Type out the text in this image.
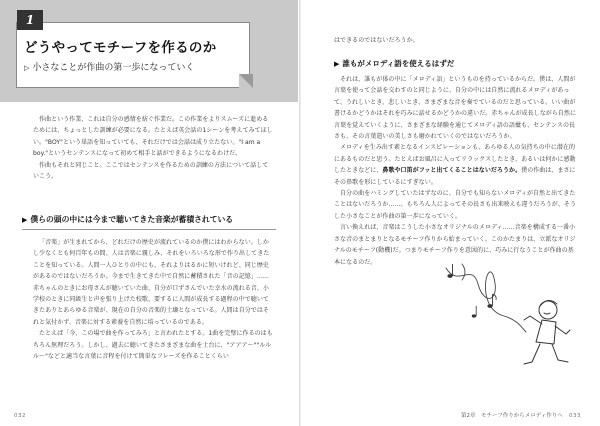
1
どうやってモチーフを作るのか
▷ 小さなことが作曲の第一歩になっていく

作曲という作業、これは自分の感情を紡ぐ作業だ。この作業をよりスムーズに進めるためには、ちょっとした訓練が必要になる。たとえば英会話の1シーンを考えてみてほしい。"BOY"という単語を知っていても、それだけでは会話は成り立たない。"I am a boy."というセンテンスになって初めて相手と話ができるようになるわけだ。

作曲もそれと同じこと。ここではセンテンスを作るための訓練の方法について話していこう。

▶ 僕らの頭の中には今まで聴いてきた音楽が蓄積されている

「音楽」が生まれてから、どれだけの歴史が流れているのか僕にはわからない。しかし少なくとも何百年もの間、人は音楽に親しみ、それをいろいろな形で作り出してきたことを知っている。人間一人ひとりの中にも、それよりはるかに短いけれど、同じ歴史があるのではないだろうか。今まで生きてきた中で自然に蓄積された「音の記憶」……赤ちゃんのときにお母さんが聴いていた曲、自分が口ずさんでいた幸水の流れる音、小学校のときに同級生と声を張り上げた校歌、要するに人間が成長する過程の中で聴いてきたありとあらゆる音楽が、現在の自分の音楽的土壌となっている。人間は自分ではそれと気付かず、音楽に対する素養を自然に培っているのである。

たとえば「今、この場で曲を作ってみろ」と言われたとする。1曲を完璧に作るのはもちろん無理だろう。しかし、過去に聴いてきたさまざまな曲を土台に、"アアア～""ルルル～"などと適当な言葉に音程を付けて簡単なフレーズを作ることくらい

032

はできるのではないだろうか。

▶ 誰もがメロディ語を使えるはずだ

それは、誰もが体の中に「メロディ語」というものを持っているからだ。僕は、人間が言葉を使って会話を交わすのと同じように、自分の中には自然に流れるメロディがあって、うれしいとき、悲しいとき、さまざまな音を奏でているのだと思っている。いい曲が書けるかどうかはそれを巧みに話せるかどうかの違いだ。赤ちゃんが成長しながら自然に言葉を覚えていくように、さまざまな経験を通じてメロディ語の語彙も、センテンスの長さも、その言葉遣いの美しさも磨かれていくのではないだろうか。

メロディを生み出す素となるインスピレーションも、あらゆる人の気持ちの中に潜在的にあるものだと思う。たとえばお風呂に入ってリラックスしたとき、あるいは何かに感動したときなどに、鼻歌や口笛がフッと出てくることはないだろうか。僕の作曲は、まさにその鼻歌を形にしているにすぎない。

自分の曲をハミングしていたはずなのに、自分でも知らないメロディが自然と出てきたことはないだろうか……。もちろん人によってその長さも出来映えも違うだろうが、そうした小さなことが作曲の第一歩になっていく。

言い換えれば、音楽はこうした小さなオリジナルのメロディ……音楽を構成する一番小さな音のまとまりとなるモチーフ作りから始まっていく。このかたまりは、立派なオリジナルのモチーフ(動機)だ。つまりモチーフ作りを意図的に、巧みに行なうことが作曲の基本になるのだ。

第2章　モチーフ作りからメロディ作りへ 033
